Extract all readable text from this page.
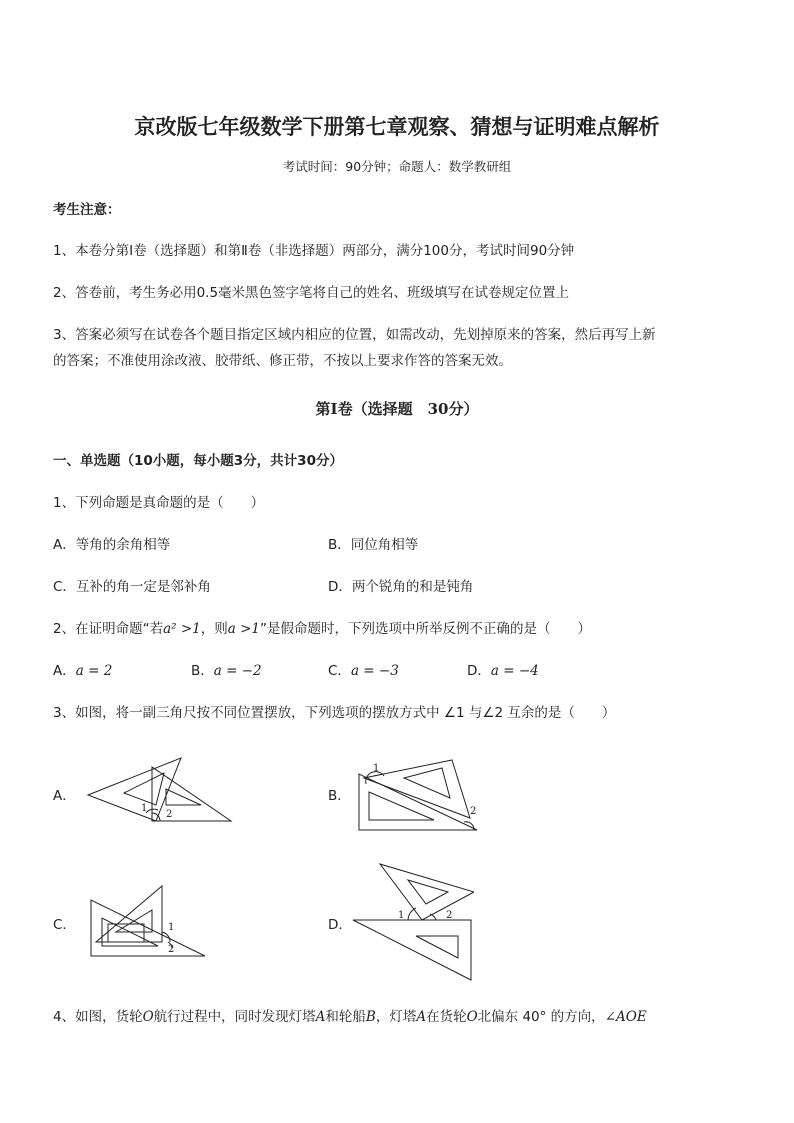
京改版七年级数学下册第七章观察、猜想与证明难点解析
考试时间：90分钟；命题人：数学教研组
考生注意：
1、本卷分第Ⅰ卷（选择题）和第Ⅱ卷（非选择题）两部分，满分100分，考试时间90分钟
2、答卷前，考生务必用0.5毫米黑色签字笔将自己的姓名、班级填写在试卷规定位置上
3、答案必须写在试卷各个题目指定区域内相应的位置，如需改动，先划掉原来的答案，然后再写上新
的答案；不准使用涂改液、胶带纸、修正带，不按以上要求作答的答案无效。
第Ⅰ卷（选择题　30分）
一、单选题（10小题，每小题3分，共计30分）
1、下列命题是真命题的是（　　）
A．等角的余角相等	B．同位角相等
C．互补的角一定是邻补角	D．两个锐角的和是钝角
2、在证明命题“若a² >1，则a >1”是假命题时，下列选项中所举反例不正确的是（　　）
A．a = 2	B．a = −2	C．a = −3	D．a = −4
3、如图，将一副三角尺按不同位置摆放，下列选项的摆放方式中 ∠1 与∠2 互余的是（　　）
A．
1
2
B．
1
2
C．	1
2
D．
1	2
4、如图，货轮O航行过程中，同时发现灯塔A和轮船B，灯塔A在货轮O北偏东 40° 的方向，∠AOE
